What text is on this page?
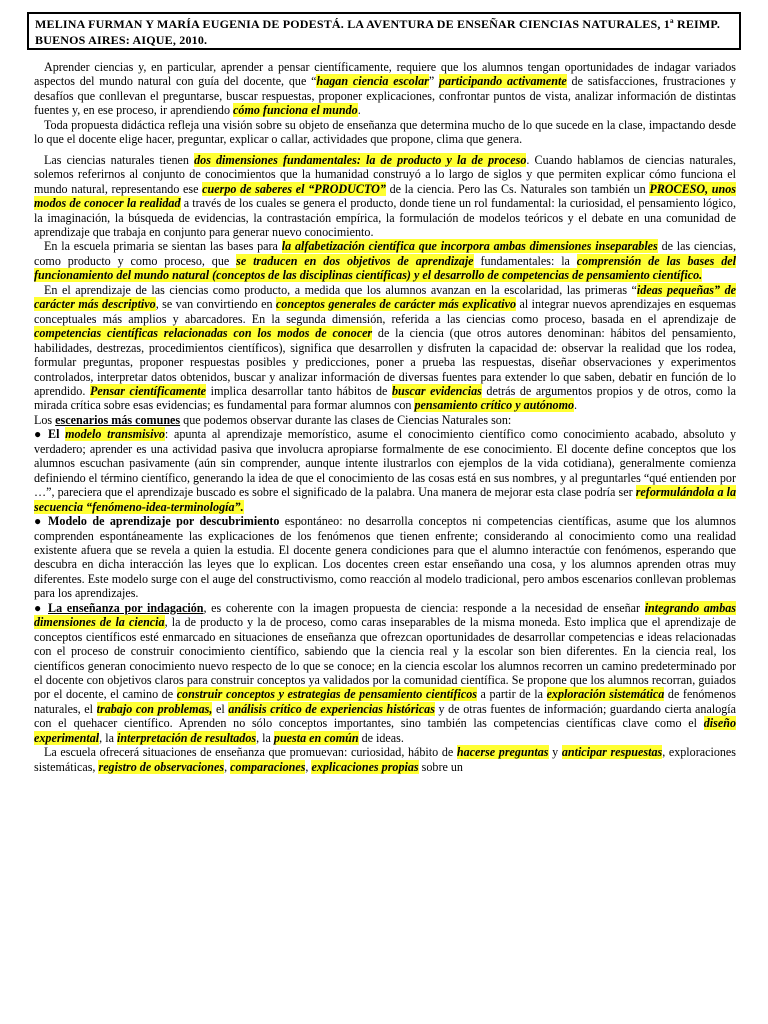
MELINA FURMAN Y MARÍA EUGENIA DE PODESTÁ. LA AVENTURA DE ENSEÑAR CIENCIAS NATURALES, 1ª REIMP. BUENOS AIRES: AIQUE, 2010.

Aprender ciencias y, en particular, aprender a pensar científicamente, requiere que los alumnos tengan oportunidades de indagar variados aspectos del mundo natural con guía del docente, que “hagan ciencia escolar” participando activamente de satisfacciones, frustraciones y desafíos que conllevan el preguntarse, buscar respuestas, proponer explicaciones, confrontar puntos de vista, analizar información de distintas fuentes y, en ese proceso, ir aprendiendo cómo funciona el mundo.

Toda propuesta didáctica refleja una visión sobre su objeto de enseñanza que determina mucho de lo que sucede en la clase, impactando desde lo que el docente elige hacer, preguntar, explicar o callar, actividades que propone, clima que genera.

Las ciencias naturales tienen dos dimensiones fundamentales: la de producto y la de proceso. Cuando hablamos de ciencias naturales, solemos referirnos al conjunto de conocimientos que la humanidad construyó a lo largo de siglos y que permiten explicar cómo funciona el mundo natural, representando ese cuerpo de saberes el “PRODUCTO” de la ciencia. Pero las Cs. Naturales son también un PROCESO, unos modos de conocer la realidad a través de los cuales se genera el producto, donde tiene un rol fundamental: la curiosidad, el pensamiento lógico, la imaginación, la búsqueda de evidencias, la contrastación empírica, la formulación de modelos teóricos y el debate en una comunidad de aprendizaje que trabaja en conjunto para generar nuevo conocimiento.

En la escuela primaria se sientan las bases para la alfabetización científica que incorpora ambas dimensiones inseparables de las ciencias, como producto y como proceso, que se traducen en dos objetivos de aprendizaje fundamentales: la comprensión de las bases del funcionamiento del mundo natural (conceptos de las disciplinas científicas) y el desarrollo de competencias de pensamiento científico.

En el aprendizaje de las ciencias como producto, a medida que los alumnos avanzan en la escolaridad, las primeras “ideas pequeñas” de carácter más descriptivo, se van convirtiendo en conceptos generales de carácter más explicativo al integrar nuevos aprendizajes en esquemas conceptuales más amplios y abarcadores. En la segunda dimensión, referida a las ciencias como proceso, basada en el aprendizaje de competencias científicas relacionadas con los modos de conocer de la ciencia (que otros autores denominan: hábitos del pensamiento, habilidades, destrezas, procedimientos científicos), significa que desarrollen y disfruten la capacidad de: observar la realidad que los rodea, formular preguntas, proponer respuestas posibles y predicciones, poner a prueba las respuestas, diseñar observaciones y experimentos controlados, interpretar datos obtenidos, buscar y analizar información de diversas fuentes para extender lo que saben, debatir en función de lo aprendido. Pensar científicamente implica desarrollar tanto hábitos de buscar evidencias detrás de argumentos propios y de otros, como la mirada crítica sobre esas evidencias; es fundamental para formar alumnos con pensamiento crítico y autónomo.

Los escenarios más comunes que podemos observar durante las clases de Ciencias Naturales son:

● El modelo transmisivo: apunta al aprendizaje memorístico, asume el conocimiento científico como conocimiento acabado, absoluto y verdadero; aprender es una actividad pasiva que involucra apropiarse formalmente de ese conocimiento. El docente define conceptos que los alumnos escuchan pasivamente (aún sin comprender, aunque intente ilustrarlos con ejemplos de la vida cotidiana), generalmente comienza definiendo el término científico, generando la idea de que el conocimiento de las cosas está en sus nombres, y al preguntarles “qué entienden por …”, pareciera que el aprendizaje buscado es sobre el significado de la palabra. Una manera de mejorar esta clase podría ser reformulándola a la secuencia “fenómeno-idea-terminología”.

● Modelo de aprendizaje por descubrimiento espontáneo: no desarrolla conceptos ni competencias científicas, asume que los alumnos comprenden espontáneamente las explicaciones de los fenómenos que tienen enfrente; considerando al conocimiento como una realidad existente afuera que se revela a quien la estudia. El docente genera condiciones para que el alumno interactúe con fenómenos, esperando que descubra en dicha interacción las leyes que lo explican. Los docentes creen estar enseñando una cosa, y los alumnos aprenden otras muy diferentes. Este modelo surge con el auge del constructivismo, como reacción al modelo tradicional, pero ambos escenarios conllevan problemas para los aprendizajes.

● La enseñanza por indagación, es coherente con la imagen propuesta de ciencia: responde a la necesidad de enseñar integrando ambas dimensiones de la ciencia, la de producto y la de proceso, como caras inseparables de la misma moneda. Esto implica que el aprendizaje de conceptos científicos esté enmarcado en situaciones de enseñanza que ofrezcan oportunidades de desarrollar competencias e ideas relacionadas con el proceso de construir conocimiento científico, sabiendo que la ciencia real y la escolar son bien diferentes. En la ciencia real, los científicos generan conocimiento nuevo respecto de lo que se conoce; en la ciencia escolar los alumnos recorren un camino predeterminado por el docente con objetivos claros para construir conceptos ya validados por la comunidad científica. Se propone que los alumnos recorran, guiados por el docente, el camino de construir conceptos y estrategias de pensamiento científicos a partir de la exploración sistemática de fenómenos naturales, el trabajo con problemas, el análisis crítico de experiencias históricas y de otras fuentes de información; guardando cierta analogía con el quehacer científico. Aprenden no sólo conceptos importantes, sino también las competencias científicas clave como el diseño experimental, la interpretación de resultados, la puesta en común de ideas.

La escuela ofrecerá situaciones de enseñanza que promuevan: curiosidad, hábito de hacerse preguntas y anticipar respuestas, exploraciones sistemáticas, registro de observaciones, comparaciones, explicaciones propias sobre un
